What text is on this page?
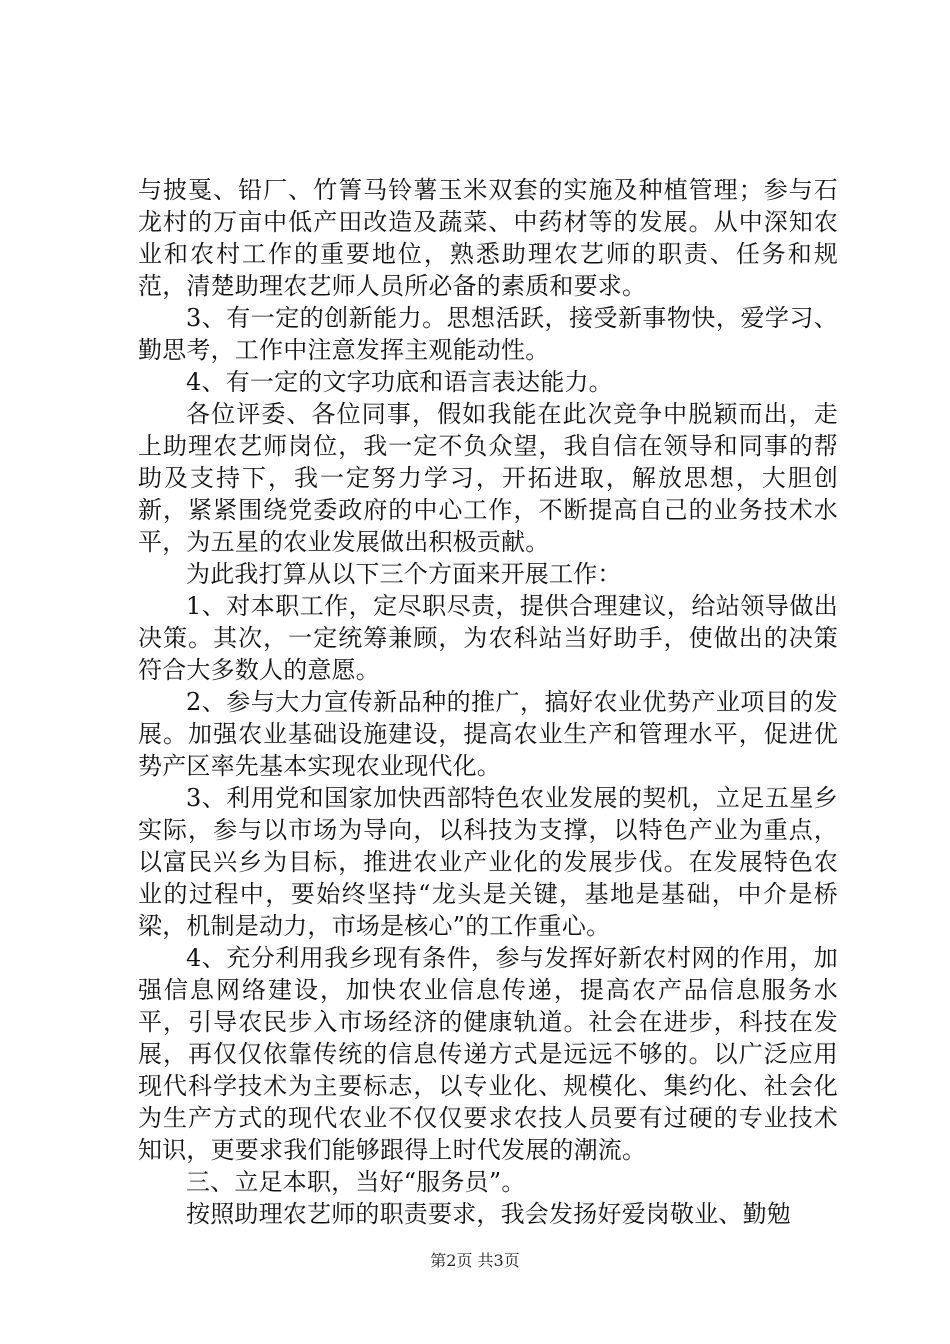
与披戛、铅厂、竹箐马铃薯玉米双套的实施及种植管理；参与石龙村的万亩中低产田改造及蔬菜、中药材等的发展。从中深知农业和农村工作的重要地位，熟悉助理农艺师的职责、任务和规范，清楚助理农艺师人员所必备的素质和要求。

3、有一定的创新能力。思想活跃，接受新事物快，爱学习、勤思考，工作中注意发挥主观能动性。

4、有一定的文字功底和语言表达能力。

各位评委、各位同事，假如我能在此次竞争中脱颖而出，走上助理农艺师岗位，我一定不负众望，我自信在领导和同事的帮助及支持下，我一定努力学习，开拓进取，解放思想，大胆创新，紧紧围绕党委政府的中心工作，不断提高自己的业务技术水平，为五星的农业发展做出积极贡献。

为此我打算从以下三个方面来开展工作：

1、对本职工作，定尽职尽责，提供合理建议，给站领导做出决策。其次，一定统筹兼顾，为农科站当好助手，使做出的决策符合大多数人的意愿。

2、参与大力宣传新品种的推广，搞好农业优势产业项目的发展。加强农业基础设施建设，提高农业生产和管理水平，促进优势产区率先基本实现农业现代化。

3、利用党和国家加快西部特色农业发展的契机，立足五星乡实际，参与以市场为导向，以科技为支撑，以特色产业为重点，以富民兴乡为目标，推进农业产业化的发展步伐。在发展特色农业的过程中，要始终坚持“龙头是关键，基地是基础，中介是桥梁，机制是动力，市场是核心”的工作重心。

4、充分利用我乡现有条件，参与发挥好新农村网的作用，加强信息网络建设，加快农业信息传递，提高农产品信息服务水平，引导农民步入市场经济的健康轨道。社会在进步，科技在发展，再仅仅依靠传统的信息传递方式是远远不够的。以广泛应用现代科学技术为主要标志，以专业化、规模化、集约化、社会化为生产方式的现代农业不仅仅要求农技人员要有过硬的专业技术知识，更要求我们能够跟得上时代发展的潮流。

三、立足本职，当好“服务员”。

按照助理农艺师的职责要求，我会发扬好爱岗敬业、勤勉

第2页 共3页
